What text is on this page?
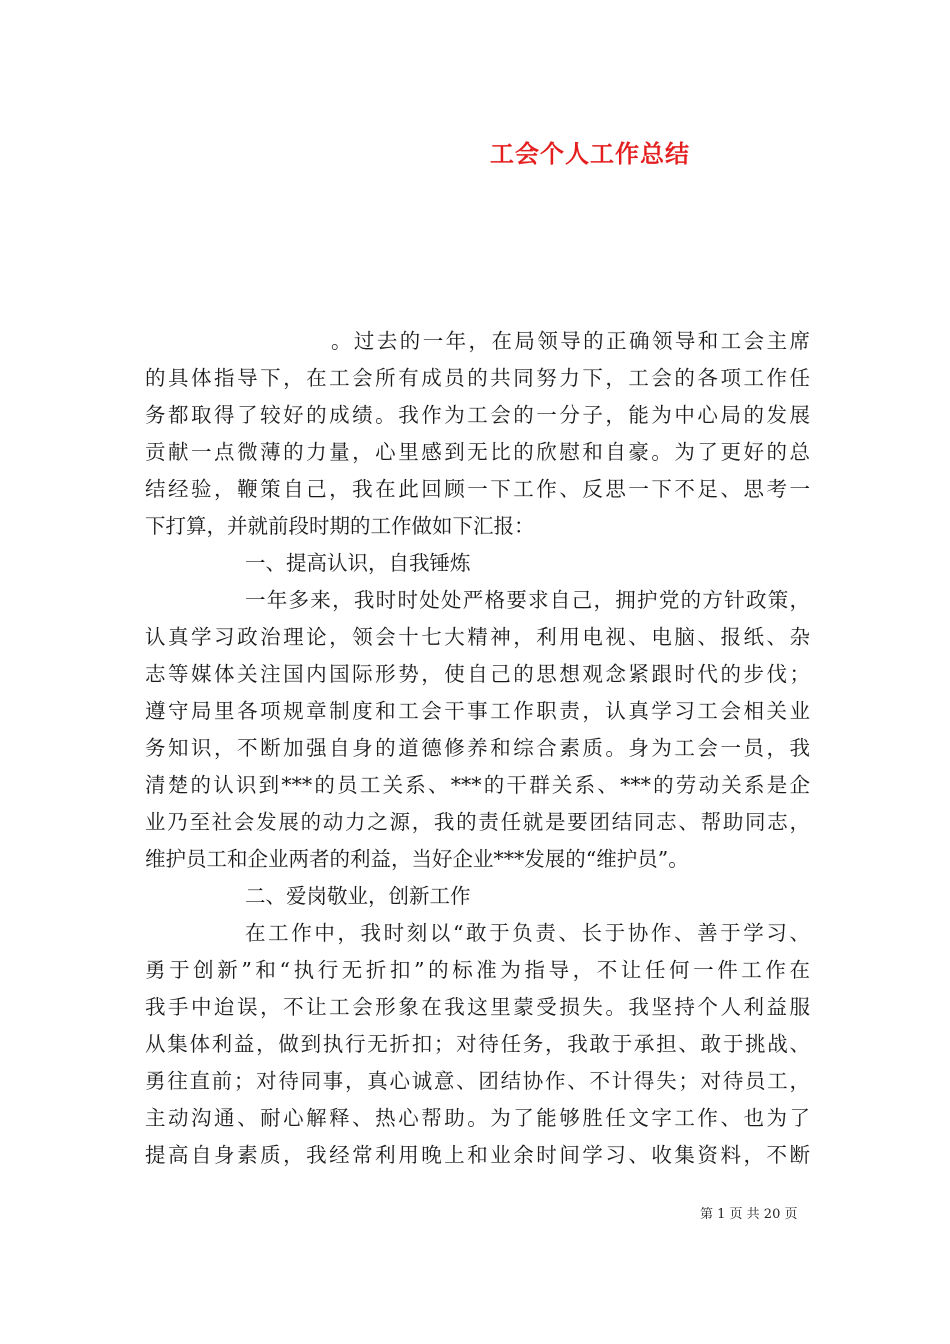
工会个人工作总结
。过去的一年，在局领导的正确领导和工会主席
的具体指导下，在工会所有成员的共同努力下，工会的各项工作任
务都取得了较好的成绩。我作为工会的一分子，能为中心局的发展
贡献一点微薄的力量，心里感到无比的欣慰和自豪。为了更好的总
结经验，鞭策自己，我在此回顾一下工作、反思一下不足、思考一
下打算，并就前段时期的工作做如下汇报：
一、提高认识，自我锤炼
一年多来，我时时处处严格要求自己，拥护党的方针政策，
认真学习政治理论，领会十七大精神，利用电视、电脑、报纸、杂
志等媒体关注国内国际形势，使自己的思想观念紧跟时代的步伐；
遵守局里各项规章制度和工会干事工作职责，认真学习工会相关业
务知识，不断加强自身的道德修养和综合素质。身为工会一员，我
清楚的认识到***的员工关系、***的干群关系、***的劳动关系是企
业乃至社会发展的动力之源，我的责任就是要团结同志、帮助同志，
维护员工和企业两者的利益，当好企业***发展的“维护员”。
二、爱岗敬业，创新工作
在工作中，我时刻以“敢于负责、长于协作、善于学习、
勇于创新”和“执行无折扣”的标准为指导，不让任何一件工作在
我手中迨误，不让工会形象在我这里蒙受损失。我坚持个人利益服
从集体利益，做到执行无折扣；对待任务，我敢于承担、敢于挑战、
勇往直前；对待同事，真心诚意、团结协作、不计得失；对待员工，
主动沟通、耐心解释、热心帮助。为了能够胜任文字工作、也为了
提高自身素质，我经常利用晚上和业余时间学习、收集资料，不断
第 1 页 共 20 页
